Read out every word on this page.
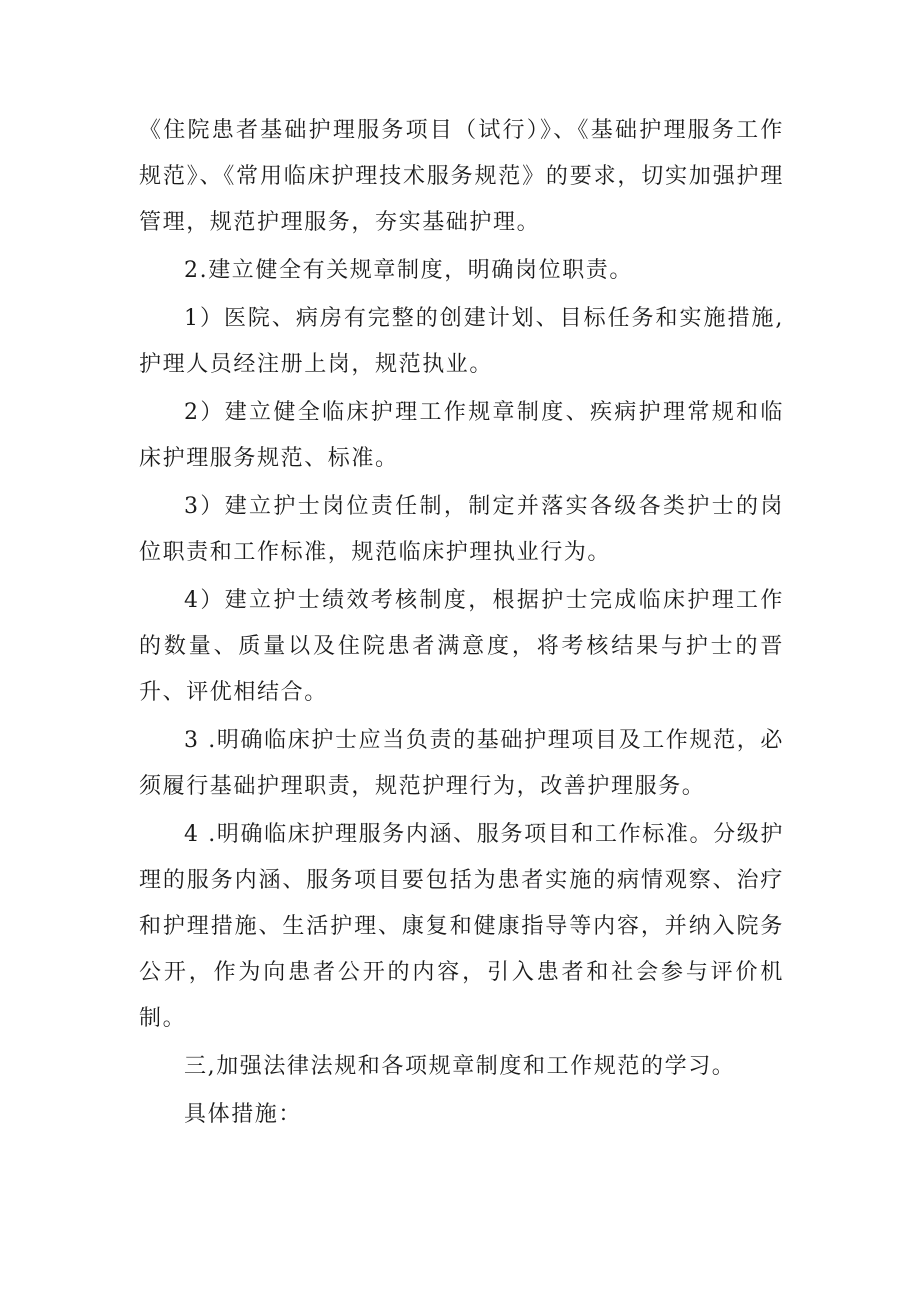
《住院患者基础护理服务项目（试行）》、《基础护理服务工作规范》、《常用临床护理技术服务规范》的要求，切实加强护理管理，规范护理服务，夯实基础护理。

2.建立健全有关规章制度，明确岗位职责。

1）医院、病房有完整的创建计划、目标任务和实施措施,护理人员经注册上岗，规范执业。

2）建立健全临床护理工作规章制度、疾病护理常规和临床护理服务规范、标准。

3）建立护士岗位责任制，制定并落实各级各类护士的岗位职责和工作标准，规范临床护理执业行为。

4）建立护士绩效考核制度，根据护士完成临床护理工作的数量、质量以及住院患者满意度，将考核结果与护士的晋升、评优相结合。

3 .明确临床护士应当负责的基础护理项目及工作规范，必须履行基础护理职责，规范护理行为，改善护理服务。

4 .明确临床护理服务内涵、服务项目和工作标准。分级护理的服务内涵、服务项目要包括为患者实施的病情观察、治疗和护理措施、生活护理、康复和健康指导等内容，并纳入院务公开，作为向患者公开的内容，引入患者和社会参与评价机制。

三,加强法律法规和各项规章制度和工作规范的学习。

具体措施：
